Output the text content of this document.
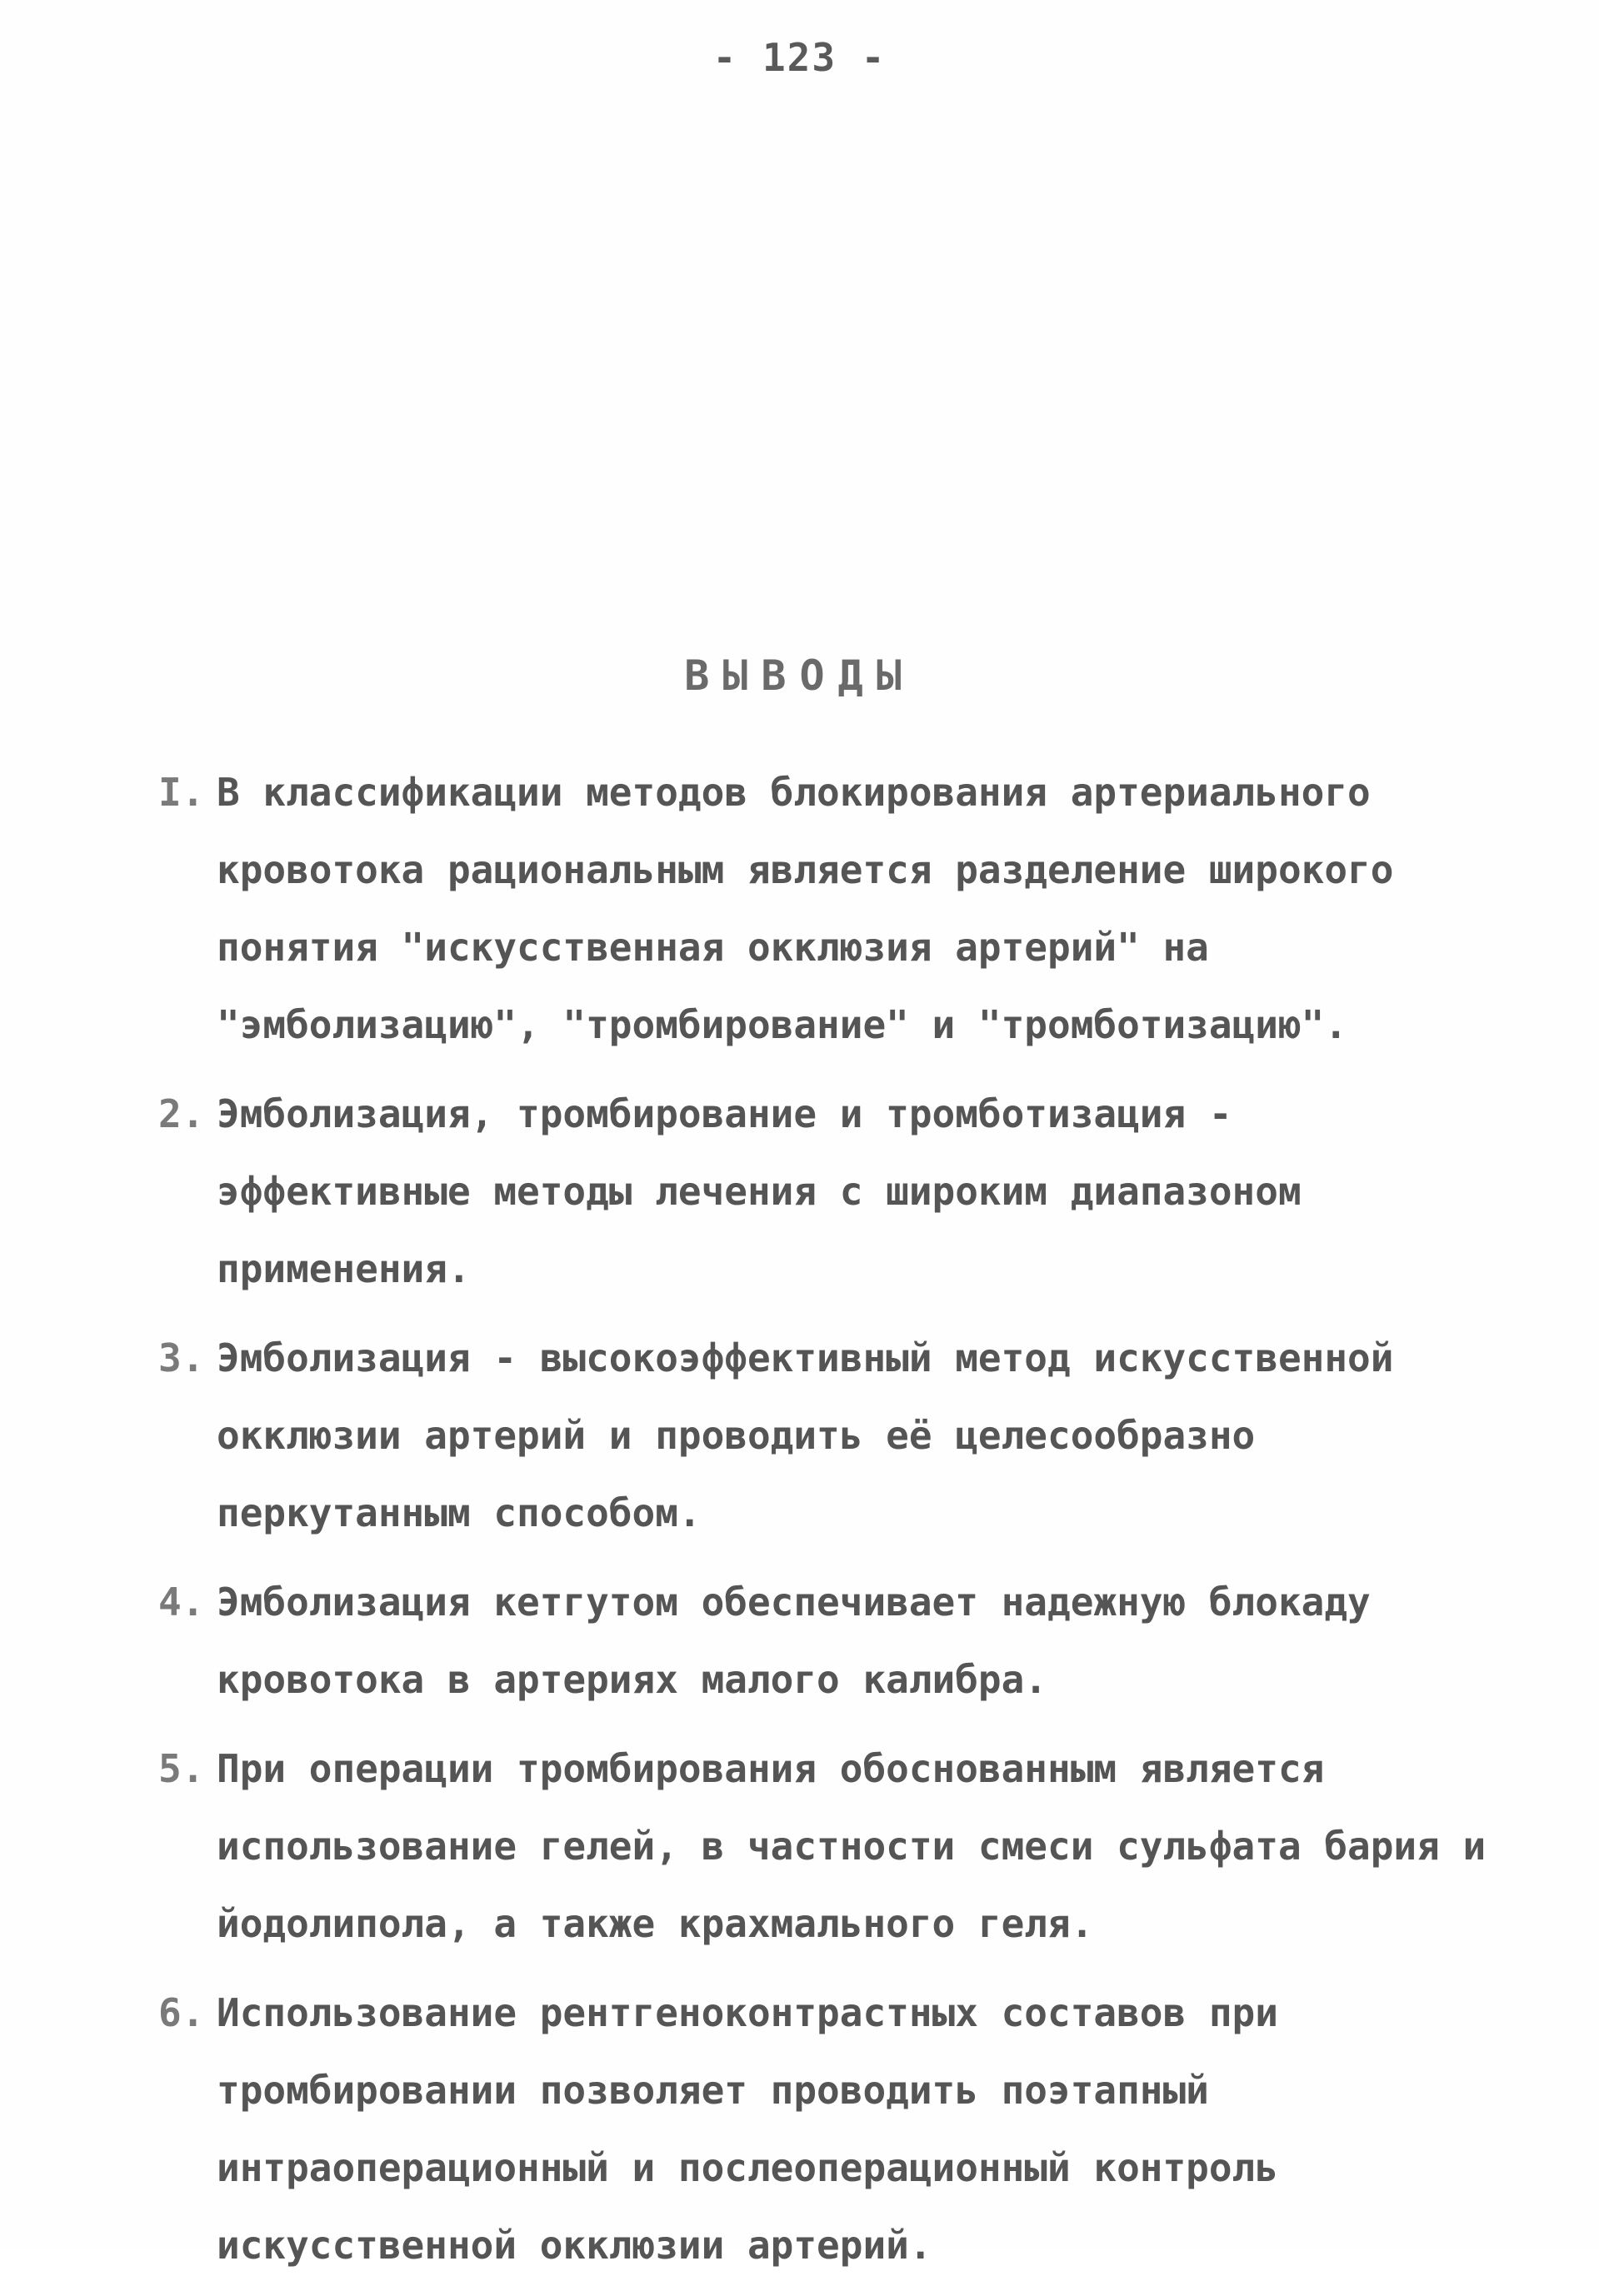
- 123 -
ВЫВОДЫ
I. В классификации методов блокирования артериального кровотока рациональным является разделение широкого понятия "искусственная окклюзия артерий" на "эмболизацию", "тромбирование" и "тромботизацию".
2. Эмболизация, тромбирование и тромботизация - эффективные методы лечения с широким диапазоном применения.
3. Эмболизация - высокоэффективный метод искусственной окклюзии артерий и проводить её целесообразно перкутанным способом.
4. Эмболизация кетгутом обеспечивает надежную блокаду кровотока в артериях малого калибра.
5. При операции тромбирования обоснованным является использование гелей, в частности смеси сульфата бария и йодолипола, а также крахмального геля.
6. Использование рентгеноконтрастных составов при тромбировании позволяет проводить поэтапный интраоперационный и послеоперационный контроль искусственной окклюзии артерий.
